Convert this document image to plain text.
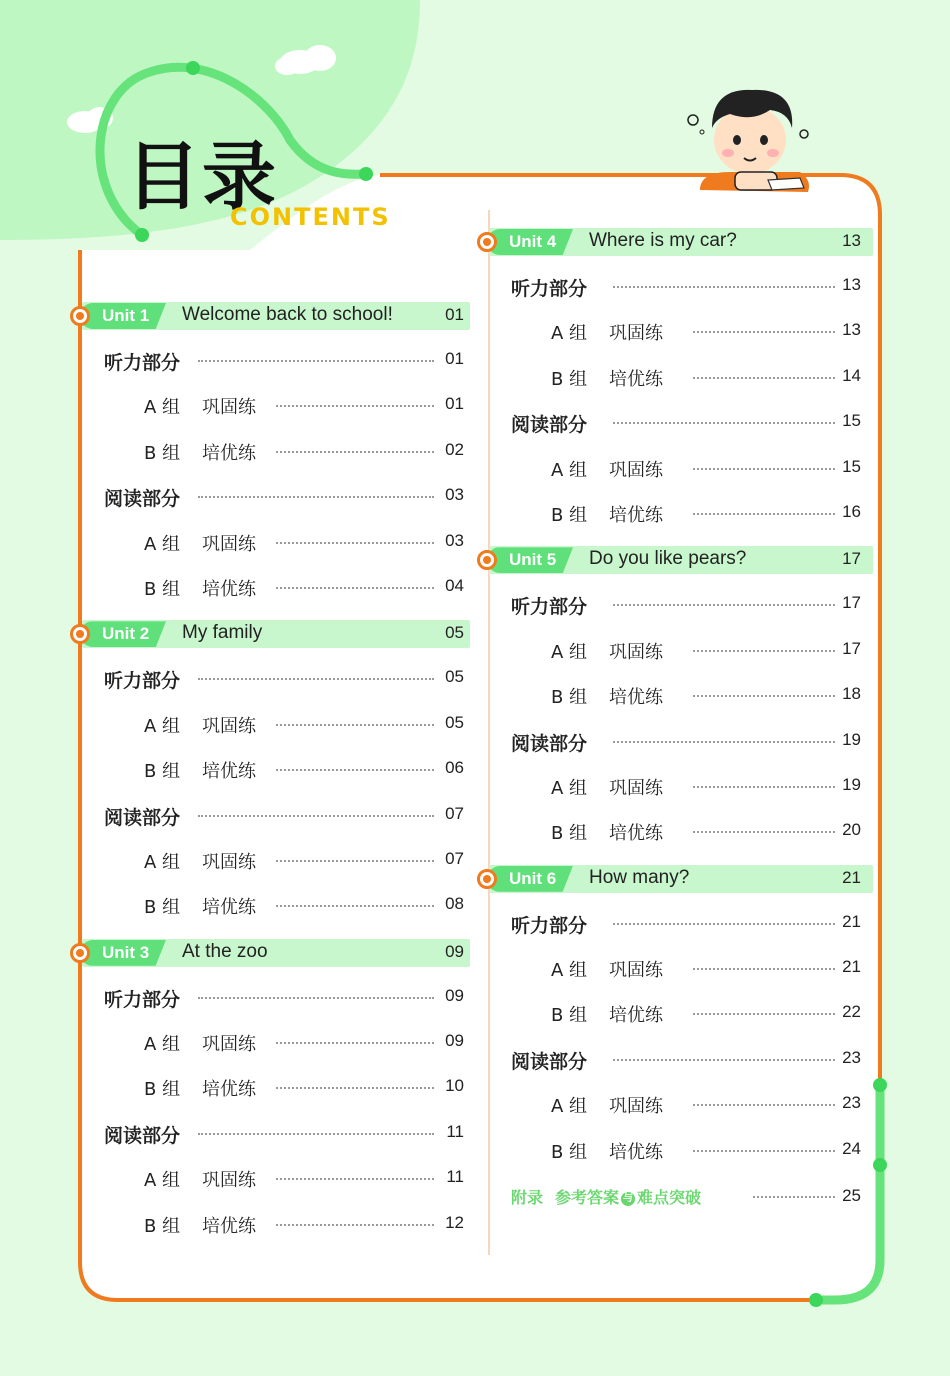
目录
CONTENTS
Unit 1 Welcome back to school!	01
听力部分	01
A 组 巩固练	01
B 组 培优练	02
阅读部分	03
A 组 巩固练	03
B 组 培优练	04
Unit 2 My family	05
听力部分	05
A 组 巩固练	05
B 组 培优练	06
阅读部分	07
A 组 巩固练	07
B 组 培优练	08
Unit 3 At the zoo	09
听力部分	09
A 组 巩固练	09
B 组 培优练	10
阅读部分	11
A 组 巩固练	11
B 组 培优练	12
Unit 4 Where is my car?	13
听力部分	13
A 组 巩固练	13
B 组 培优练	14
阅读部分	15
A 组 巩固练	15
B 组 培优练	16
Unit 5 Do you like pears?	17
听力部分	17
A 组 巩固练	17
B 组 培优练	18
阅读部分	19
A 组 巩固练	19
B 组 培优练	20
Unit 6 How many?	21
听力部分	21
A 组 巩固练	21
B 组 培优练	22
阅读部分	23
A 组 巩固练	23
B 组 培优练	24
附录 参考答案 与 难点突破	25
